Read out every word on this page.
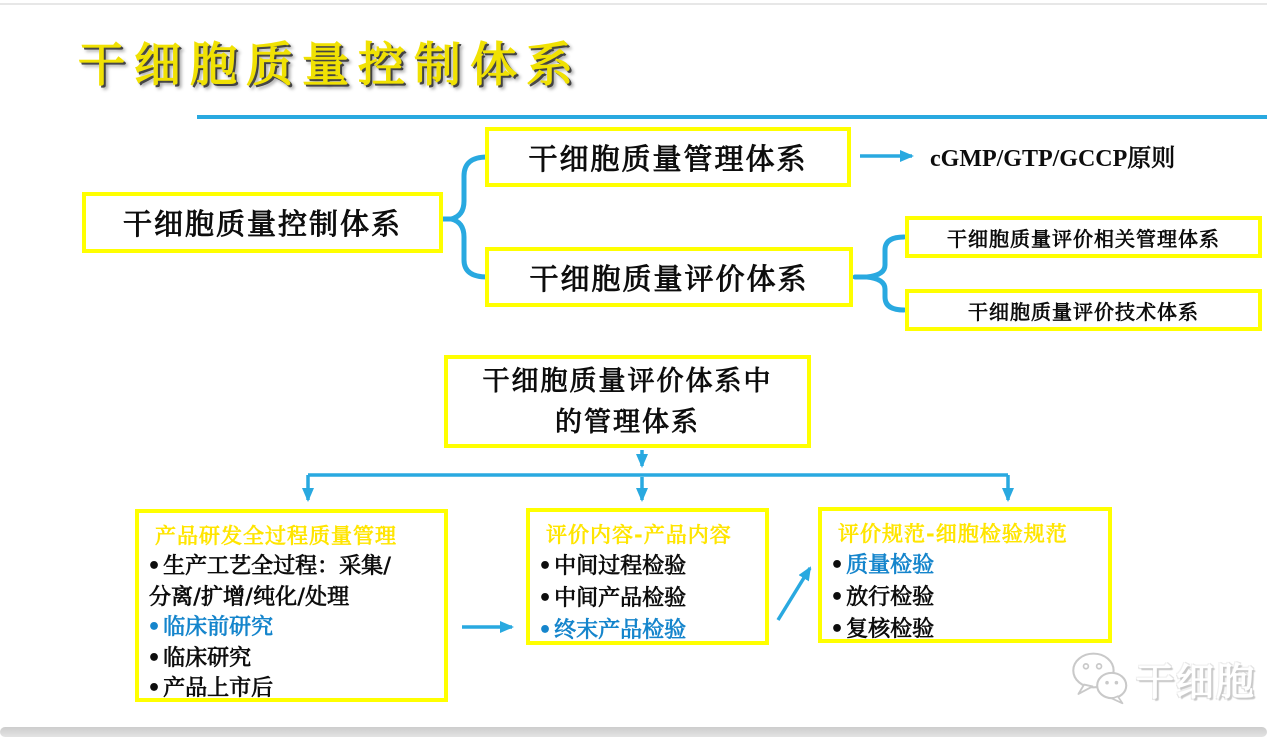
干细胞质量控制体系
干细胞质量控制体系
干细胞质量管理体系	cGMP/GTP/GCCP原则
干细胞质量评价体系
干细胞质量评价相关管理体系
干细胞质量评价技术体系
干细胞质量评价体系中
的管理体系
产品研发全过程质量管理
• 生产工艺全过程：采集/
分离/扩增/纯化/处理
• 临床前研究
• 临床研究
• 产品上市后
评价内容-产品内容
• 中间过程检验
• 中间产品检验
• 终末产品检验
评价规范-细胞检验规范
• 质量检验
• 放行检验
• 复核检验
干细胞
